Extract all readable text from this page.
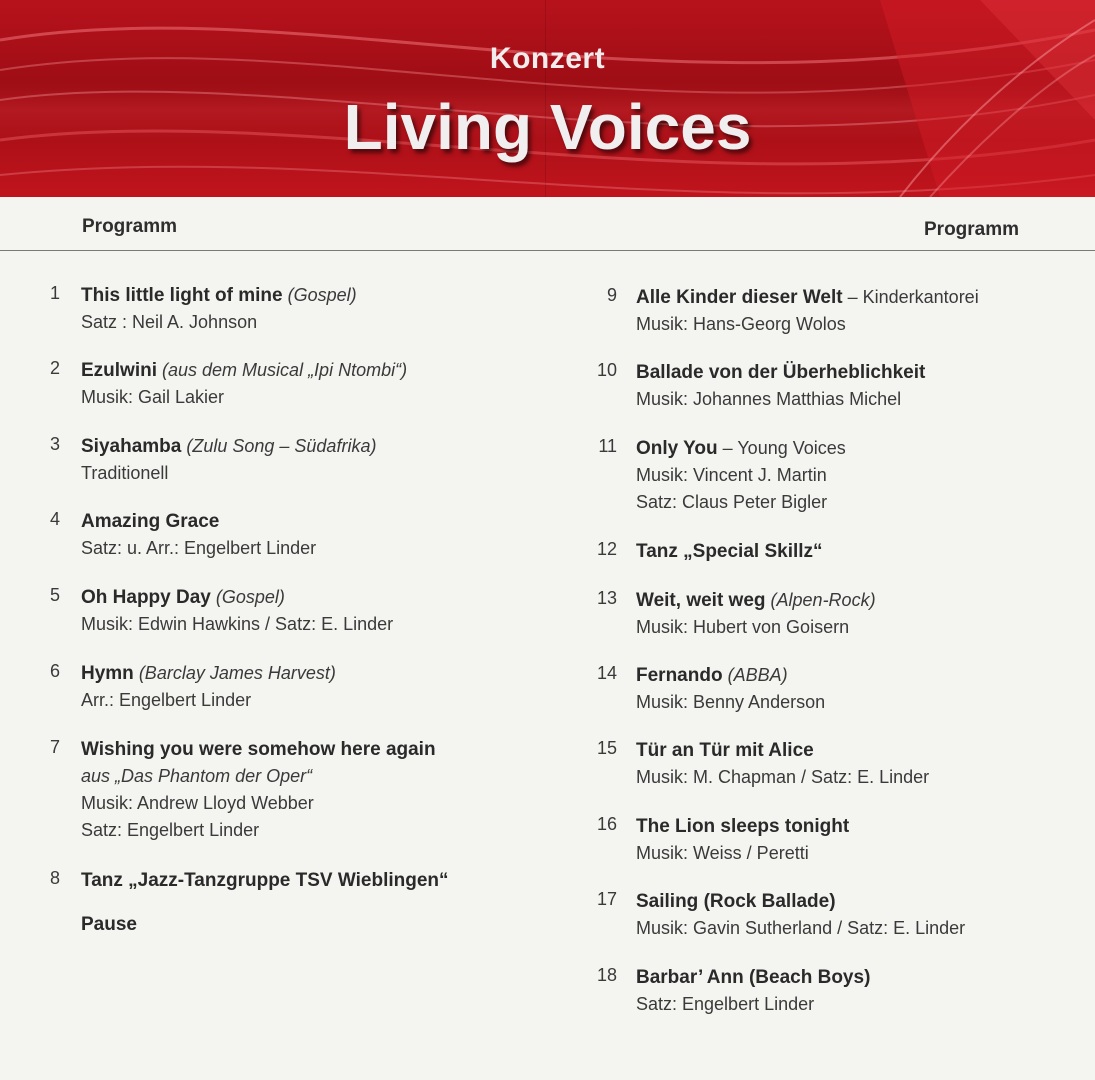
Konzert
Living Voices
Programm	Programm
1 This little light of mine (Gospel)
Satz : Neil A. Johnson
2 Ezulwini (aus dem Musical „Ipi Ntombi“)
Musik: Gail Lakier
3 Siyahamba (Zulu Song – Südafrika)
Traditionell
4 Amazing Grace
Satz: u. Arr.: Engelbert Linder
5 Oh Happy Day (Gospel)
Musik: Edwin Hawkins / Satz: E. Linder
6 Hymn (Barclay James Harvest)
Arr.: Engelbert Linder
7 Wishing you were somehow here again
aus „Das Phantom der Oper“
Musik: Andrew Lloyd Webber
Satz: Engelbert Linder
8 Tanz „Jazz-Tanzgruppe TSV Wieblingen“
9 Alle Kinder dieser Welt – Kinderkantorei
Musik: Hans-Georg Wolos
10 Ballade von der Überheblichkeit
Musik: Johannes Matthias Michel
11 Only You – Young Voices
Musik: Vincent J. Martin
Satz: Claus Peter Bigler
12 Tanz „Special Skillz“
13 Weit, weit weg (Alpen-Rock)
Musik: Hubert von Goisern
14 Fernando (ABBA)
Musik: Benny Anderson
15 Tür an Tür mit Alice
Musik: M. Chapman / Satz: E. Linder
16 The Lion sleeps tonight
Musik: Weiss / Peretti
17 Sailing (Rock Ballade)
Musik: Gavin Sutherland / Satz: E. Linder
18 Barbar’ Ann (Beach Boys)
Satz: Engelbert Linder
Pause
